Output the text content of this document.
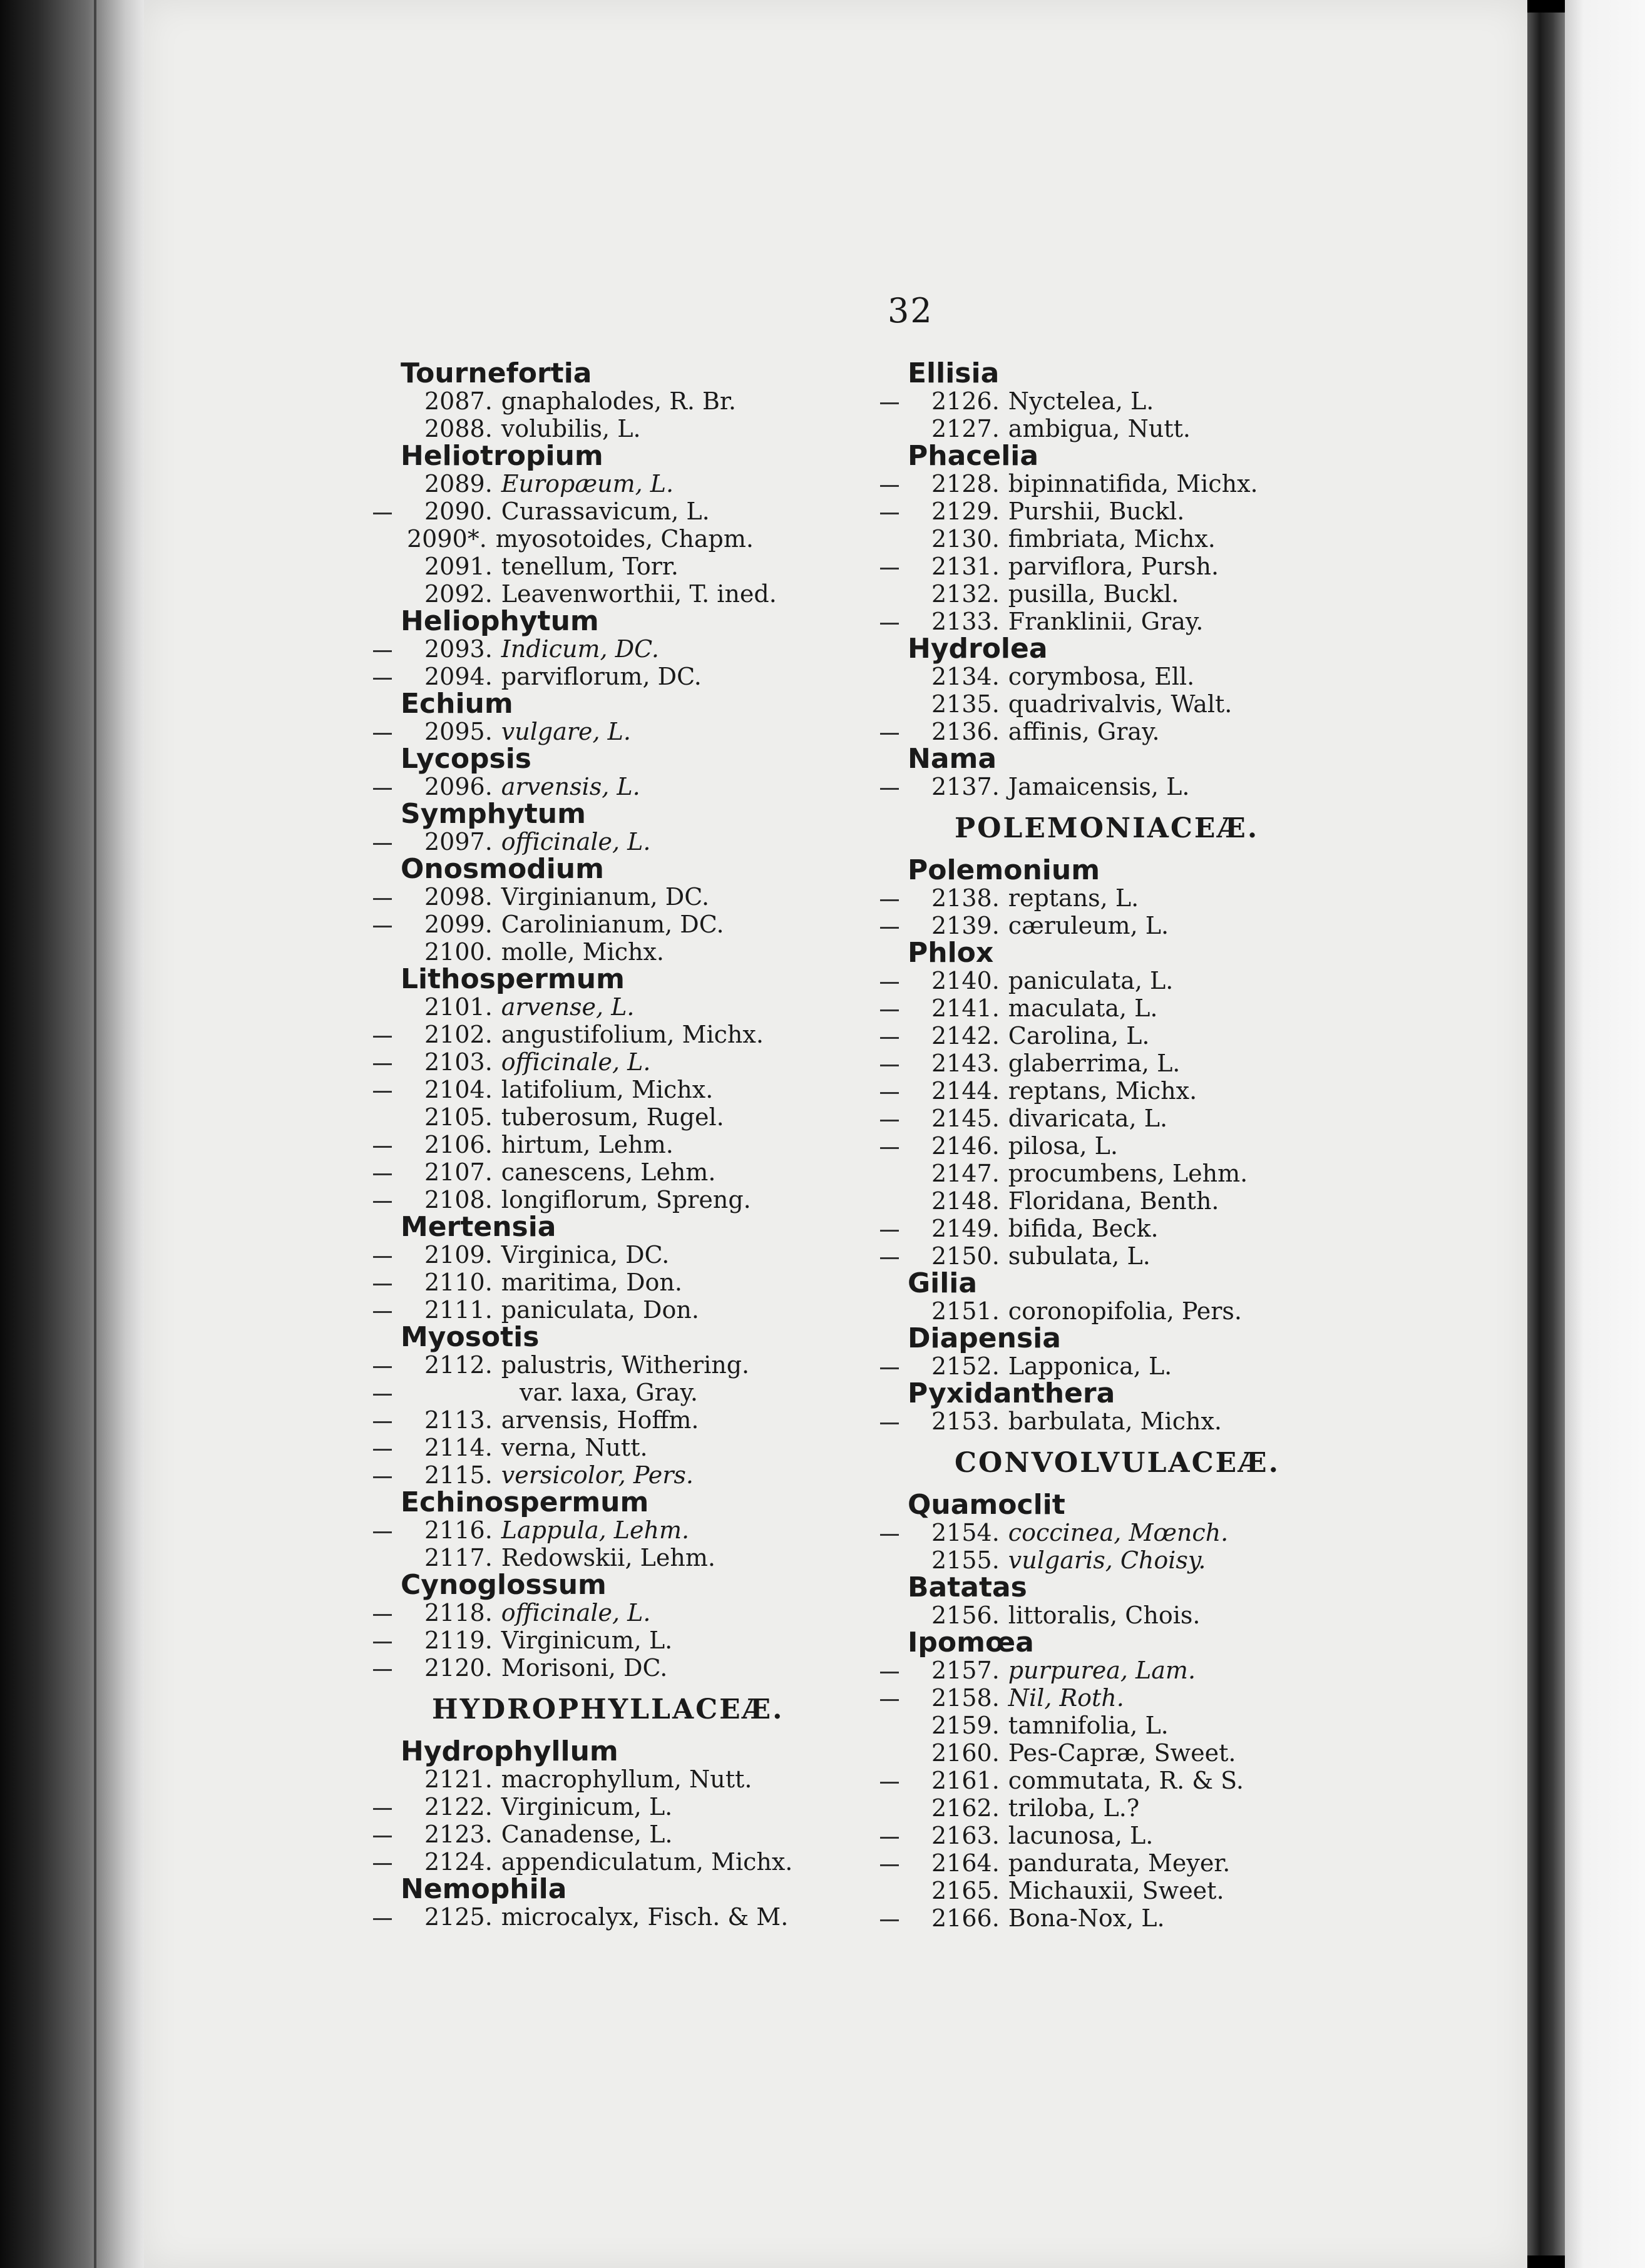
32
Tournefortia
2087. gnaphalodes, R. Br.
2088. volubilis, L.
Heliotropium
2089. Europæum, L.
2090. Curassavicum, L.
2090*. myosotoides, Chapm.
2091. tenellum, Torr.
2092. Leavenworthii, T. ined.
Heliophytum
2093. Indicum, DC.
2094. parviflorum, DC.
Echium
2095. vulgare, L.
Lycopsis
2096. arvensis, L.
Symphytum
2097. officinale, L.
Onosmodium
2098. Virginianum, DC.
2099. Carolinianum, DC.
2100. molle, Michx.
Lithospermum
2101. arvense, L.
2102. angustifolium, Michx.
2103. officinale, L.
2104. latifolium, Michx.
2105. tuberosum, Rugel.
2106. hirtum, Lehm.
2107. canescens, Lehm.
2108. longiflorum, Spreng.
Mertensia
2109. Virginica, DC.
2110. maritima, Don.
2111. paniculata, Don.
Myosotis
2112. palustris, Withering.
var. laxa, Gray.
2113. arvensis, Hoffm.
2114. verna, Nutt.
2115. versicolor, Pers.
Echinospermum
2116. Lappula, Lehm.
2117. Redowskii, Lehm.
Cynoglossum
2118. officinale, L.
2119. Virginicum, L.
2120. Morisoni, DC.
HYDROPHYLLACEÆ.
Hydrophyllum
2121. macrophyllum, Nutt.
2122. Virginicum, L.
2123. Canadense, L.
2124. appendiculatum, Michx.
Nemophila
2125. microcalyx, Fisch. & M.
Ellisia
2126. Nyctelea, L.
2127. ambigua, Nutt.
Phacelia
2128. bipinnatifida, Michx.
2129. Purshii, Buckl.
2130. fimbriata, Michx.
2131. parviflora, Pursh.
2132. pusilla, Buckl.
2133. Franklinii, Gray.
Hydrolea
2134. corymbosa, Ell.
2135. quadrivalvis, Walt.
2136. affinis, Gray.
Nama
2137. Jamaicensis, L.
POLEMONIACEÆ.
Polemonium
2138. reptans, L.
2139. cæruleum, L.
Phlox
2140. paniculata, L.
2141. maculata, L.
2142. Carolina, L.
2143. glaberrima, L.
2144. reptans, Michx.
2145. divaricata, L.
2146. pilosa, L.
2147. procumbens, Lehm.
2148. Floridana, Benth.
2149. bifida, Beck.
2150. subulata, L.
Gilia
2151. coronopifolia, Pers.
Diapensia
2152. Lapponica, L.
Pyxidanthera
2153. barbulata, Michx.
CONVOLVULACEÆ.
Quamoclit
2154. coccinea, Mœnch.
2155. vulgaris, Choisy.
Batatas
2156. littoralis, Chois.
Ipomœa
2157. purpurea, Lam.
2158. Nil, Roth.
2159. tamnifolia, L.
2160. Pes-Capræ, Sweet.
2161. commutata, R. & S.
2162. triloba, L.?
2163. lacunosa, L.
2164. pandurata, Meyer.
2165. Michauxii, Sweet.
2166. Bona-Nox, L.
